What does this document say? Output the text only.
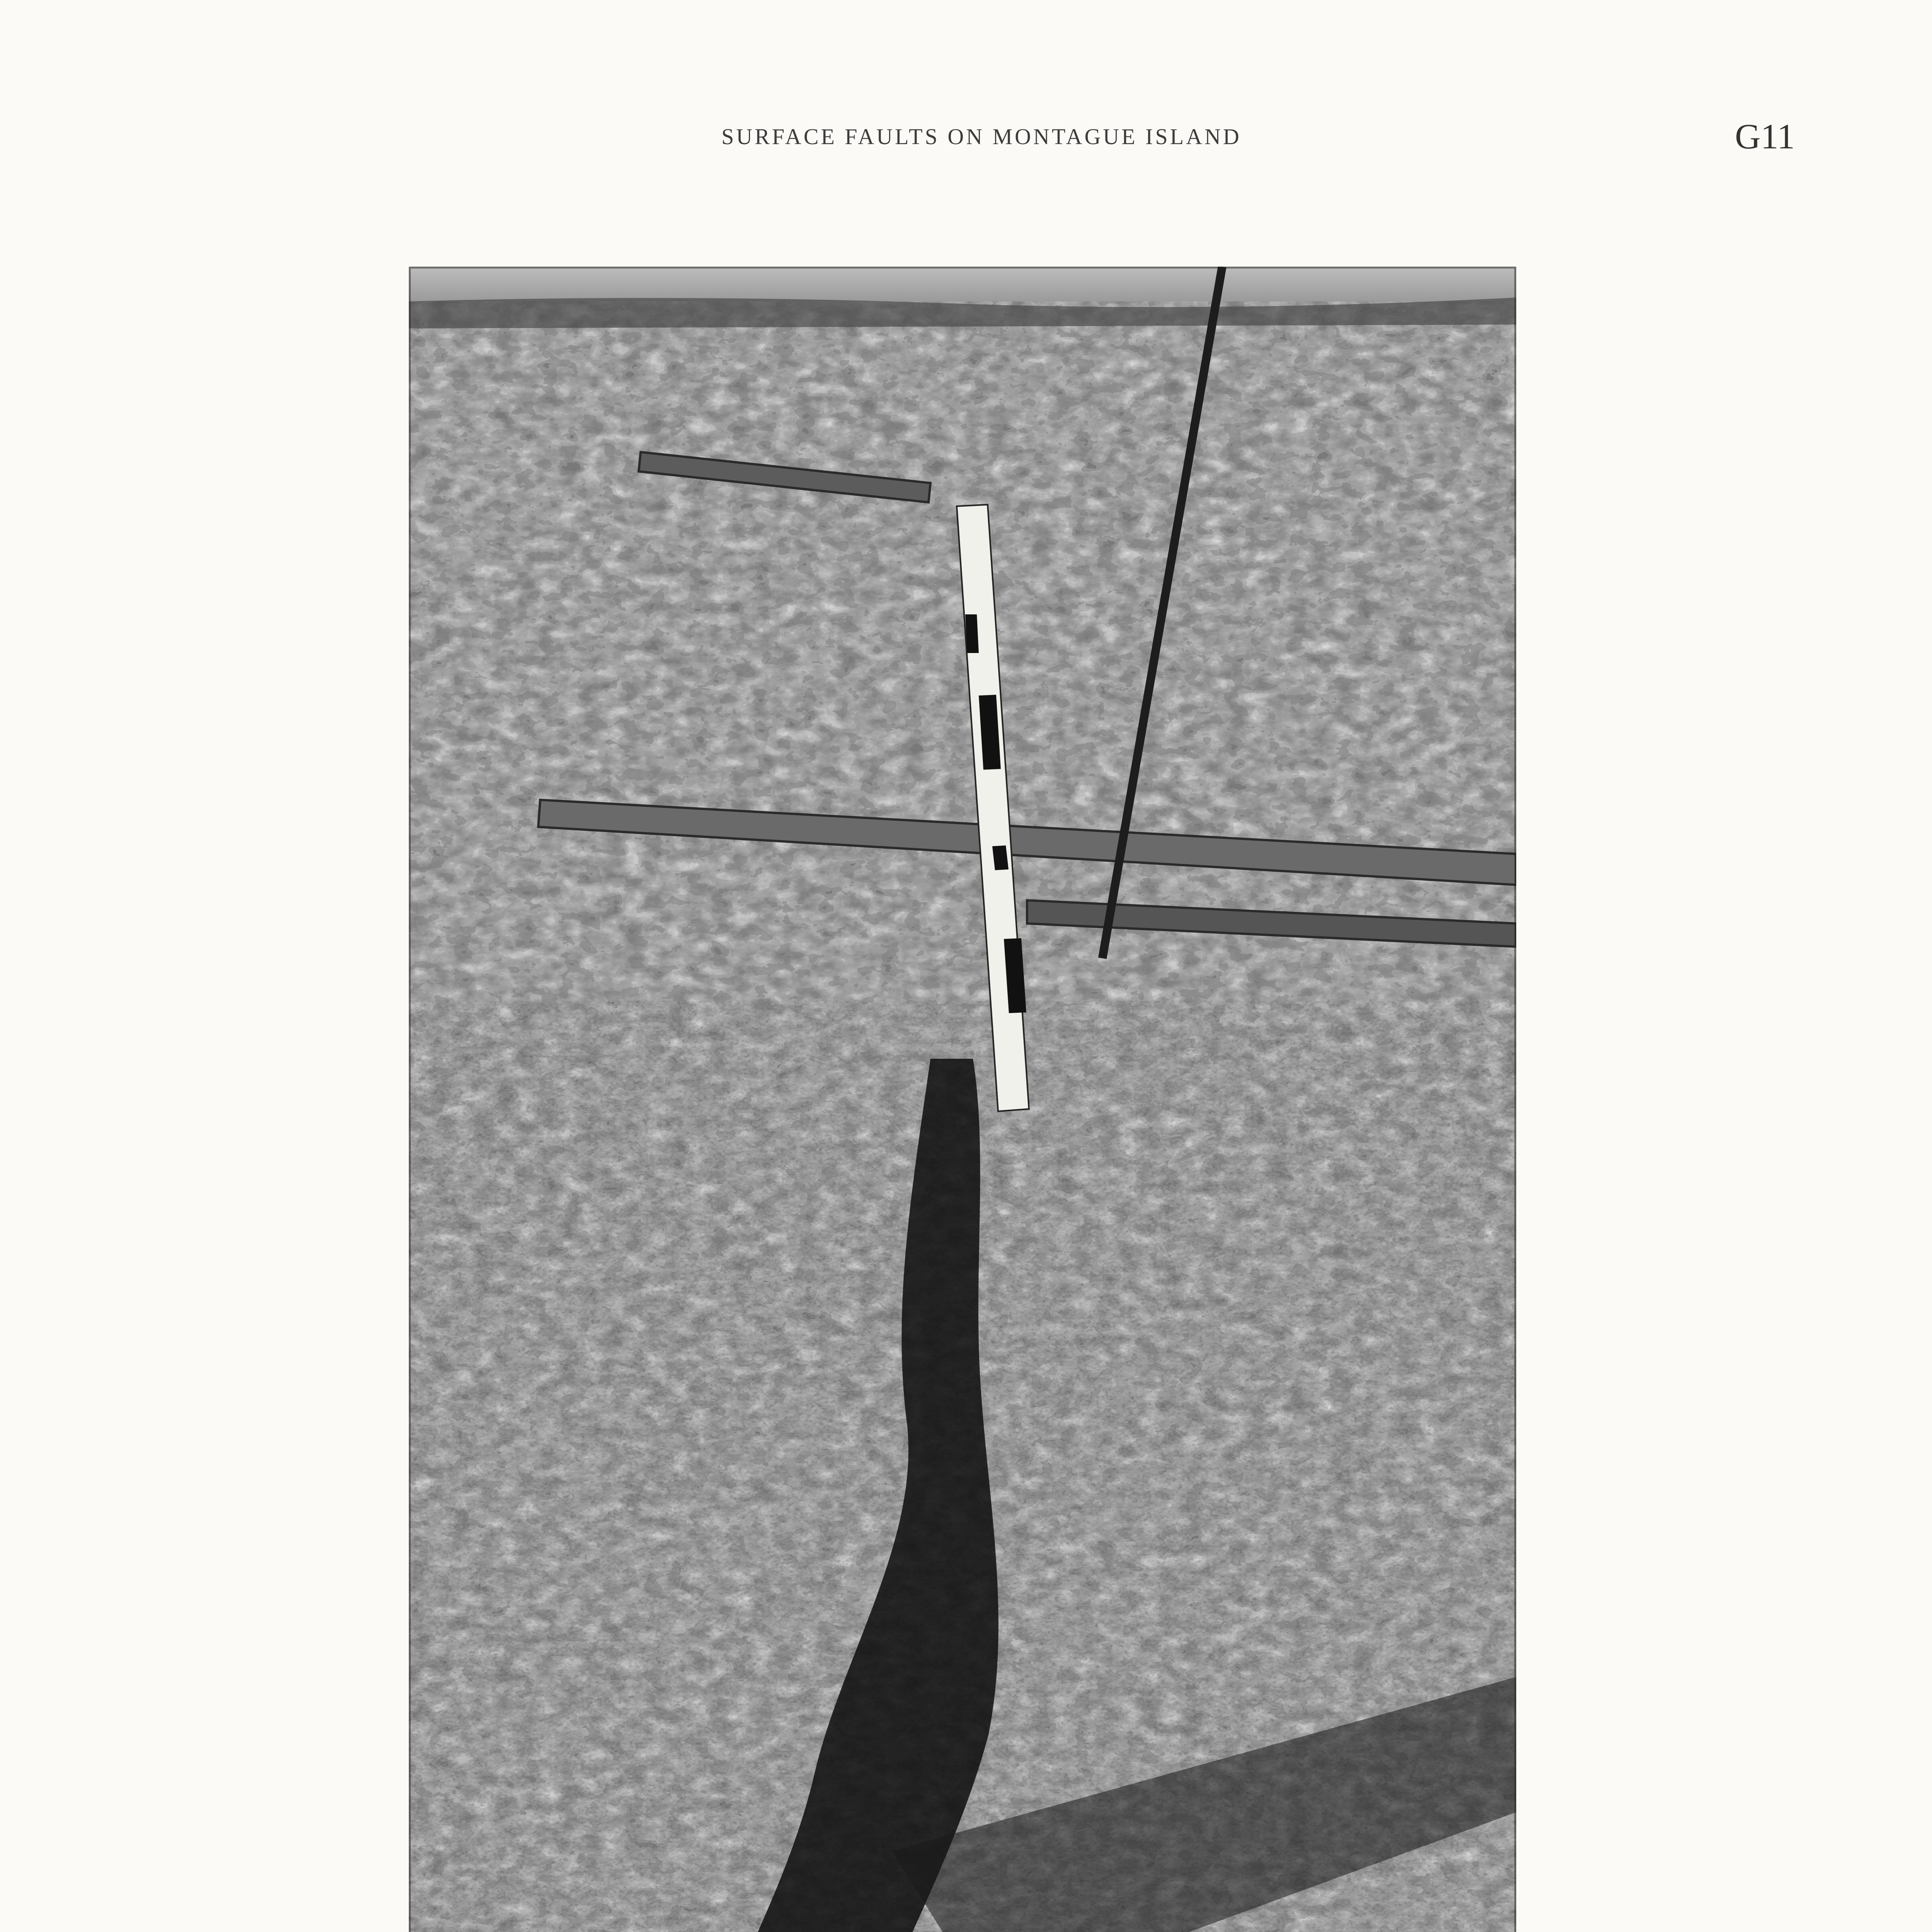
SURFACE FAULTS ON MONTAGUE ISLAND	G11
